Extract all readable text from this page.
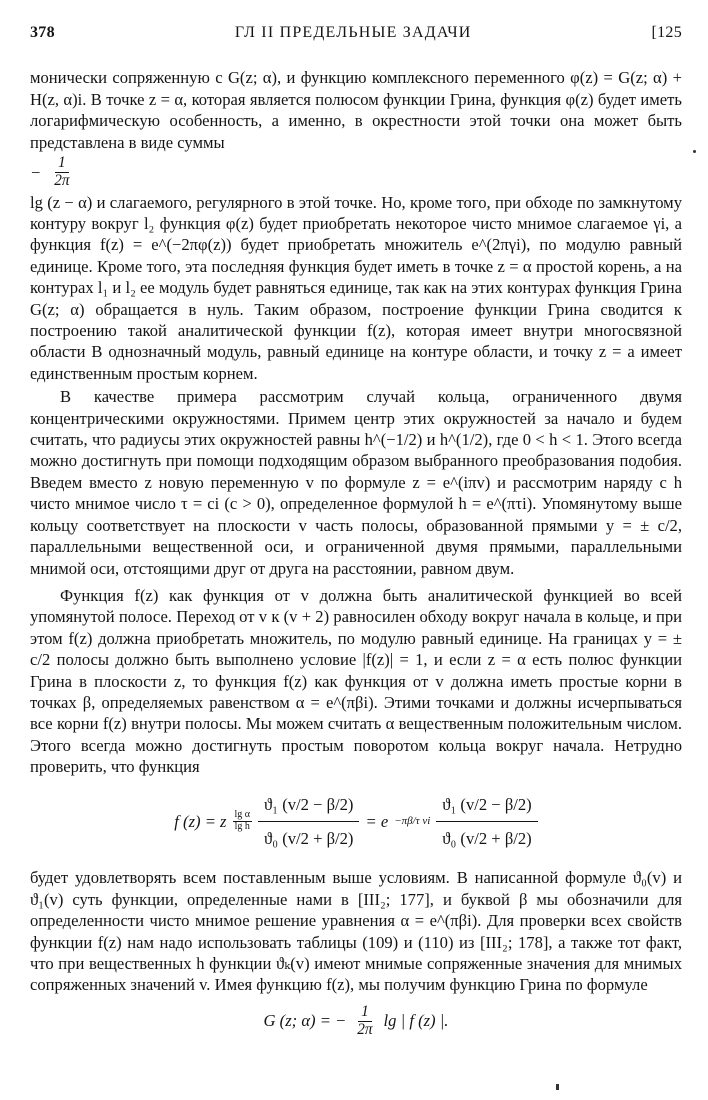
378	ГЛ II ПРЕДЕЛЬНЫЕ ЗАДАЧИ	[125

монически сопряженную с G(z; α), и функцию комплексного переменного φ(z) = G(z; α) + H(z, α)i. В точке z = α, которая является полюсом функции Грина, функция φ(z) будет иметь логарифмическую особенность, а именно, в окрестности этой точки она может быть представлена в виде суммы

− $\frac{1}{2\pi}$

lg (z − α) и слагаемого, регулярного в этой точке. Но, кроме того, при обходе по замкнутому контуру вокруг l₂ функция φ(z) будет приобретать некоторое чисто мнимое слагаемое γi, а функция f(z) = e^(−2πφ(z)) будет приобретать множитель e^(2πγi), по модулю равный единице. Кроме того, эта последняя функция будет иметь в точке z = α простой корень, а на контурах l₁ и l₂ ее модуль будет равняться единице, так как на этих контурах функция Грина G(z; α) обращается в нуль. Таким образом, построение функции Грина сводится к построению такой аналитической функции f(z), которая имеет внутри многосвязной области B однозначный модуль, равный единице на контуре области, и точку z = a имеет единственным простым корнем.

В качестве примера рассмотрим случай кольца, ограниченного двумя концентрическими окружностями. Примем центр этих окружностей за начало и будем считать, что радиусы этих окружностей равны h^(−1/2) и h^(1/2), где 0 < h < 1. Этого всегда можно достигнуть при помощи подходящим образом выбранного преобразования подобия. Введем вместо z новую переменную v по формуле z = e^(iπv) и рассмотрим наряду с h чисто мнимое число τ = ci (c > 0), определенное формулой h = e^(πτi). Упомянутому выше кольцу соответствует на плоскости v часть полосы, образованной прямыми y = ± c/2, параллельными вещественной оси, и ограниченной двумя прямыми, параллельными мнимой оси, отстоящими друг от друга на расстоянии, равном двум.

Функция f(z) как функция от v должна быть аналитической функцией во всей упомянутой полосе. Переход от v к (v + 2) равносилен обходу вокруг начала в кольце, и при этом f(z) должна приобретать множитель, по модулю равный единице. На границах y = ± c/2 полосы должно быть выполнено условие |f(z)| = 1, и если z = α есть полюс функции Грина в плоскости z, то функция f(z) как функция от v должна иметь простые корни в точках β, определяемых равенством α = e^(πβi). Этими точками и должны исчерпываться все корни f(z) внутри полосы. Мы можем считать α вещественным положительным числом. Этого всегда можно достигнуть простым поворотом кольца вокруг начала. Нетрудно проверить, что функция

f (z) = z $\frac{\text{lg α}}{\text{lg h}} \frac{\text{ϑ₁ (v/2 − β/2)}}{\text{ϑ₀ (v/2 + β/2)}} = e -\pi\beta/\tau$ vi $\frac{\text{ϑ₁ (v/2 − β/2)}}{\text{ϑ₀ (v/2 + β/2)}}$

будет удовлетворять всем поставленным выше условиям. В написанной формуле ϑ₀(v) и ϑ₁(v) суть функции, определенные нами в [III₂; 177], и буквой β мы обозначили для определенности чисто мнимое решение уравнения α = e^(πβi). Для проверки всех свойств функции f(z) нам надо использовать таблицы (109) и (110) из [III₂; 178], а также тот факт, что при вещественных h функции ϑₖ(v) имеют мнимые сопряженные значения для мнимых сопряженных значений v. Имея функцию f(z), мы получим функцию Грина по формуле

G (z; α) = − $\frac{1}{2\pi}$ lg | f (z) |.
